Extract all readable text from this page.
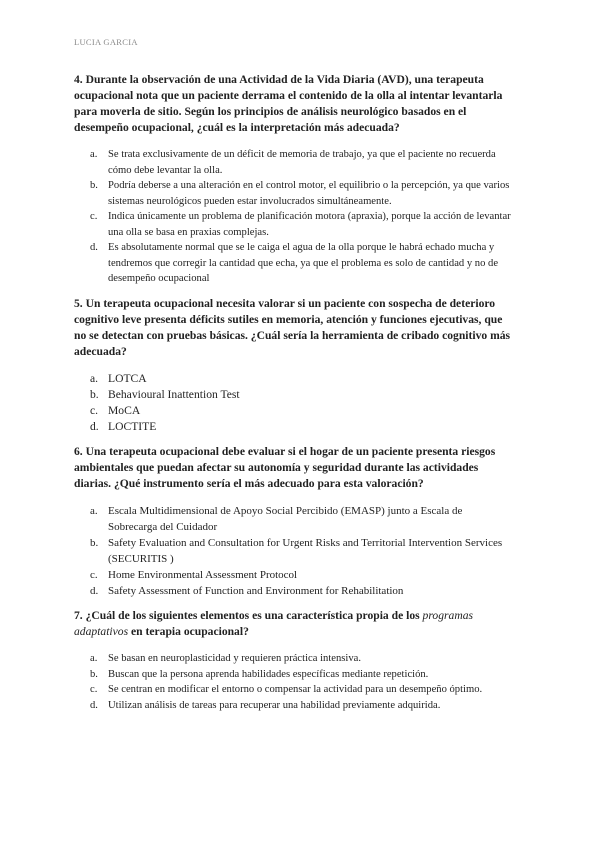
LUCIA GARCIA

4. Durante la observación de una Actividad de la Vida Diaria (AVD), una terapeuta ocupacional nota que un paciente derrama el contenido de la olla al intentar levantarla para moverla de sitio. Según los principios de análisis neurológico basados en el desempeño ocupacional, ¿cuál es la interpretación más adecuada?

a. Se trata exclusivamente de un déficit de memoria de trabajo, ya que el paciente no recuerda cómo debe levantar la olla.
b. Podría deberse a una alteración en el control motor, el equilibrio o la percepción, ya que varios sistemas neurológicos pueden estar involucrados simultáneamente.
c. Indica únicamente un problema de planificación motora (apraxia), porque la acción de levantar una olla se basa en praxias complejas.
d. Es absolutamente normal que se le caiga el agua de la olla porque le habrá echado mucha y tendremos que corregir la cantidad que echa, ya que el problema es solo de cantidad y no de desempeño ocupacional

5. Un terapeuta ocupacional necesita valorar si un paciente con sospecha de deterioro cognitivo leve presenta déficits sutiles en memoria, atención y funciones ejecutivas, que no se detectan con pruebas básicas. ¿Cuál sería la herramienta de cribado cognitivo más adecuada?

a. LOTCA
b. Behavioural Inattention Test
c. MoCA
d. LOCTITE

6. Una terapeuta ocupacional debe evaluar si el hogar de un paciente presenta riesgos ambientales que puedan afectar su autonomía y seguridad durante las actividades diarias. ¿Qué instrumento sería el más adecuado para esta valoración?

a. Escala Multidimensional de Apoyo Social Percibido (EMASP) junto a Escala de Sobrecarga del Cuidador
b. Safety Evaluation and Consultation for Urgent Risks and Territorial Intervention Services (SECURITIS )
c. Home Environmental Assessment Protocol
d. Safety Assessment of Function and Environment for Rehabilitation

7. ¿Cuál de los siguientes elementos es una característica propia de los programas adaptativos en terapia ocupacional?

a. Se basan en neuroplasticidad y requieren práctica intensiva.
b. Buscan que la persona aprenda habilidades específicas mediante repetición.
c. Se centran en modificar el entorno o compensar la actividad para un desempeño óptimo.
d. Utilizan análisis de tareas para recuperar una habilidad previamente adquirida.
